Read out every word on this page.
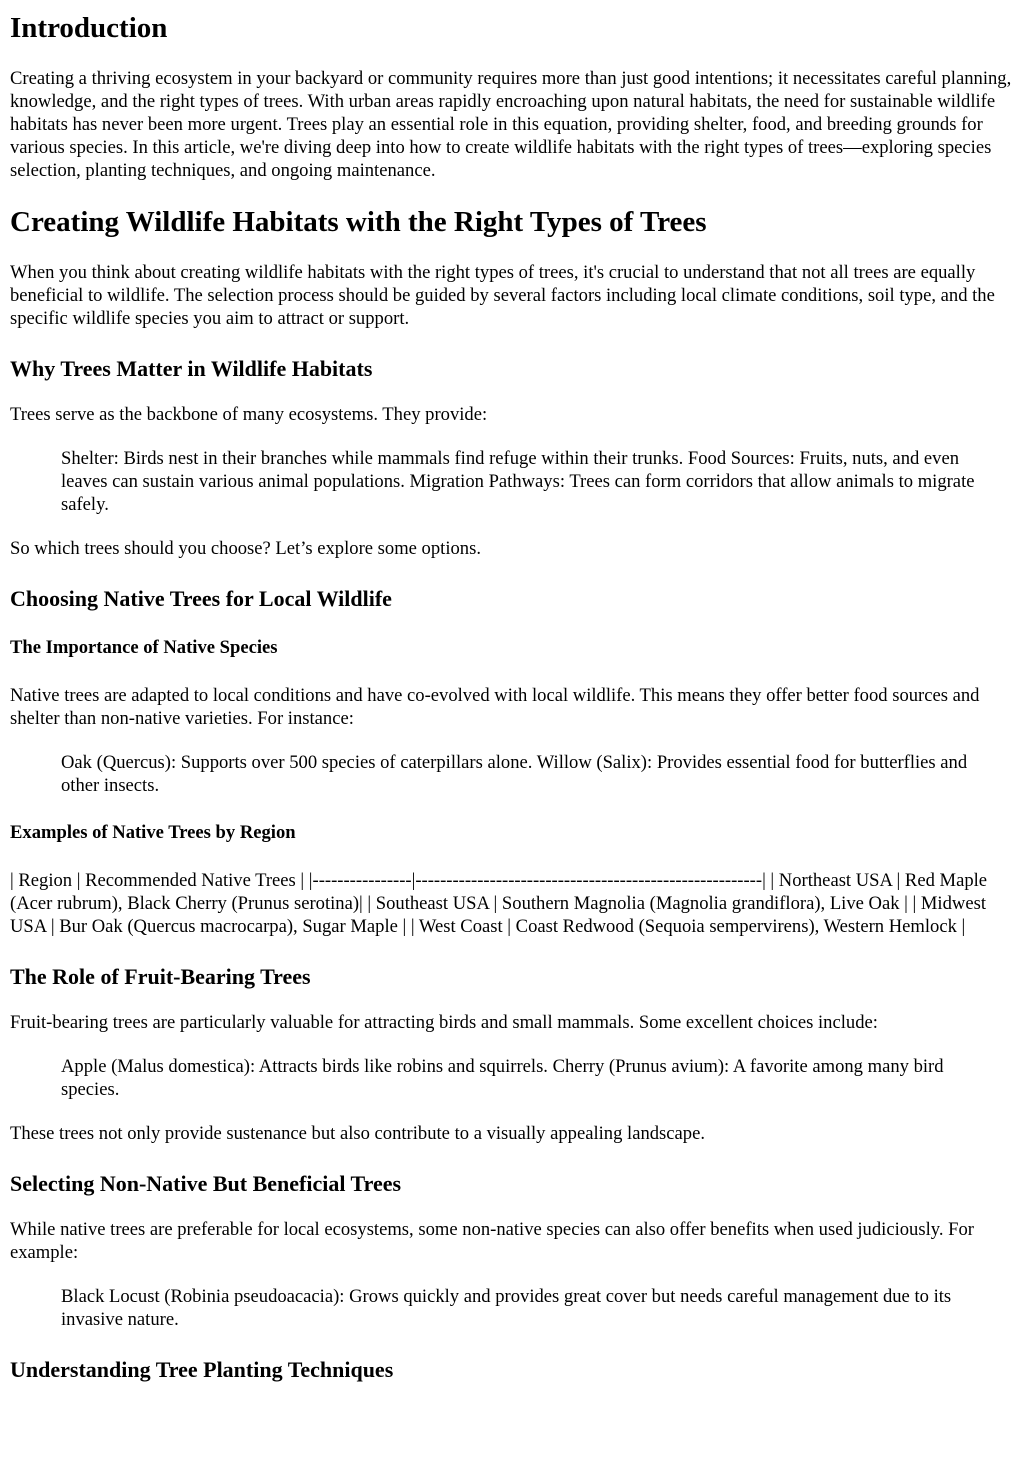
Introduction

Creating a thriving ecosystem in your backyard or community requires more than just good intentions; it necessitates careful planning, knowledge, and the right types of trees. With urban areas rapidly encroaching upon natural habitats, the need for sustainable wildlife habitats has never been more urgent. Trees play an essential role in this equation, providing shelter, food, and breeding grounds for various species. In this article, we're diving deep into how to create wildlife habitats with the right types of trees—exploring species selection, planting techniques, and ongoing maintenance.

Creating Wildlife Habitats with the Right Types of Trees

When you think about creating wildlife habitats with the right types of trees, it's crucial to understand that not all trees are equally beneficial to wildlife. The selection process should be guided by several factors including local climate conditions, soil type, and the specific wildlife species you aim to attract or support.

Why Trees Matter in Wildlife Habitats

Trees serve as the backbone of many ecosystems. They provide:

Shelter: Birds nest in their branches while mammals find refuge within their trunks. Food Sources: Fruits, nuts, and even leaves can sustain various animal populations. Migration Pathways: Trees can form corridors that allow animals to migrate safely.

So which trees should you choose? Let’s explore some options.

Choosing Native Trees for Local Wildlife
The Importance of Native Species

Native trees are adapted to local conditions and have co-evolved with local wildlife. This means they offer better food sources and shelter than non-native varieties. For instance:

Oak (Quercus): Supports over 500 species of caterpillars alone. Willow (Salix): Provides essential food for butterflies and other insects.
Examples of Native Trees by Region

| Region | Recommended Native Trees | |----------------|--------------------------------------------------------| | Northeast USA | Red Maple (Acer rubrum), Black Cherry (Prunus serotina)| | Southeast USA | Southern Magnolia (Magnolia grandiflora), Live Oak | | Midwest USA | Bur Oak (Quercus macrocarpa), Sugar Maple | | West Coast | Coast Redwood (Sequoia sempervirens), Western Hemlock |

The Role of Fruit-Bearing Trees

Fruit-bearing trees are particularly valuable for attracting birds and small mammals. Some excellent choices include:

Apple (Malus domestica): Attracts birds like robins and squirrels. Cherry (Prunus avium): A favorite among many bird species.

These trees not only provide sustenance but also contribute to a visually appealing landscape.

Selecting Non-Native But Beneficial Trees

While native trees are preferable for local ecosystems, some non-native species can also offer benefits when used judiciously. For example:

Black Locust (Robinia pseudoacacia): Grows quickly and provides great cover but needs careful management due to its invasive nature.
Understanding Tree Planting Techniques
